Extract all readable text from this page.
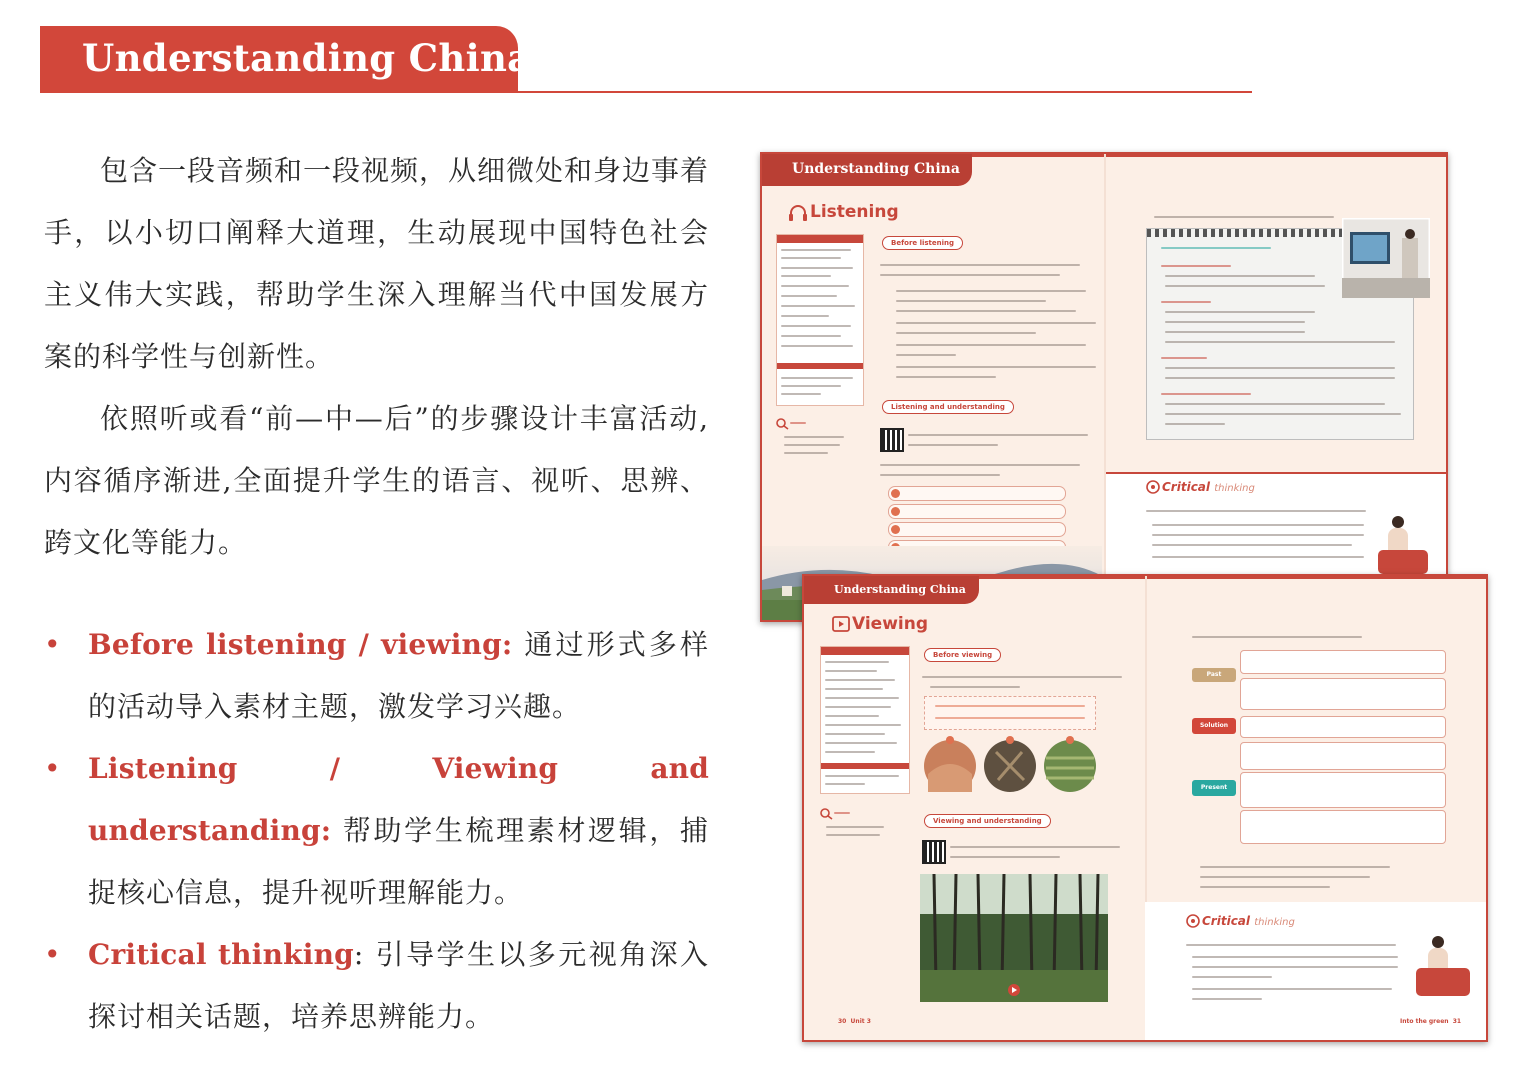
Understanding China

包含一段音频和一段视频，从细微处和身边事着手，以小切口阐释大道理，生动展现中国特色社会主义伟大实践，帮助学生深入理解当代中国发展方案的科学性与创新性。

依照听或看“前—中—后”的步骤设计丰富活动,内容循序渐进,全面提升学生的语言、视听、思辨、跨文化等能力。

• Before listening / viewing: 通过形式多样的活动导入素材主题，激发学习兴趣。
• Listening / Viewing and understanding: 帮助学生梳理素材逻辑，捕捉核心信息，提升视听理解能力。
• Critical thinking: 引导学生以多元视角深入探讨相关话题，培养思辨能力。
Understanding China
Listening
Before listening
Listening and understanding
Critical thinking
Understanding China
Viewing
Before viewing
Viewing and understanding
30 Unit 3
Past
Solution
Present
Critical thinking
Into the green 31
